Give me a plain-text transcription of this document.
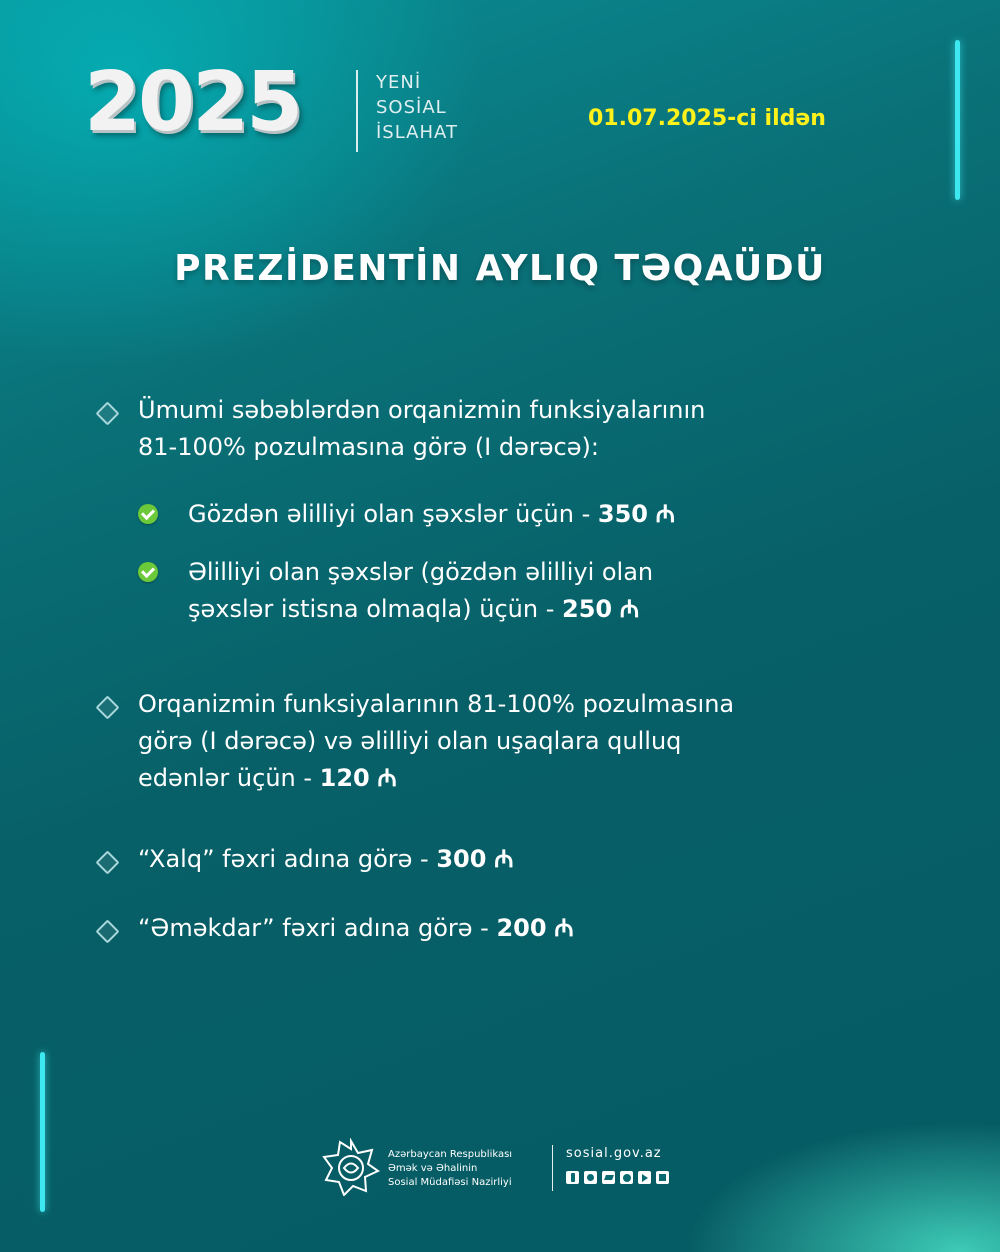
2025	YENİ
SOSİAL
İSLAHAT
01.07.2025-ci ildən
PREZİDENTİN AYLIQ TƏQAÜDÜ
Ümumi səbəblərdən orqanizmin funksiyalarının
81-100% pozulmasına görə (I dərəcə):
Gözdən əlilliyi olan şəxslər üçün - 350 ₼
Əlilliyi olan şəxslər (gözdən əlilliyi olan
şəxslər istisna olmaqla) üçün - 250 ₼
Orqanizmin funksiyalarının 81-100% pozulmasına
görə (I dərəcə) və əlilliyi olan uşaqlara qulluq
edənlər üçün - 120 ₼
“Xalq” fəxri adına görə - 300 ₼
“Əməkdar” fəxri adına görə - 200 ₼
Azərbaycan Respublikası
Əmək və Əhalinin
Sosial Müdafiəsi Nazirliyi
sosial.gov.az
